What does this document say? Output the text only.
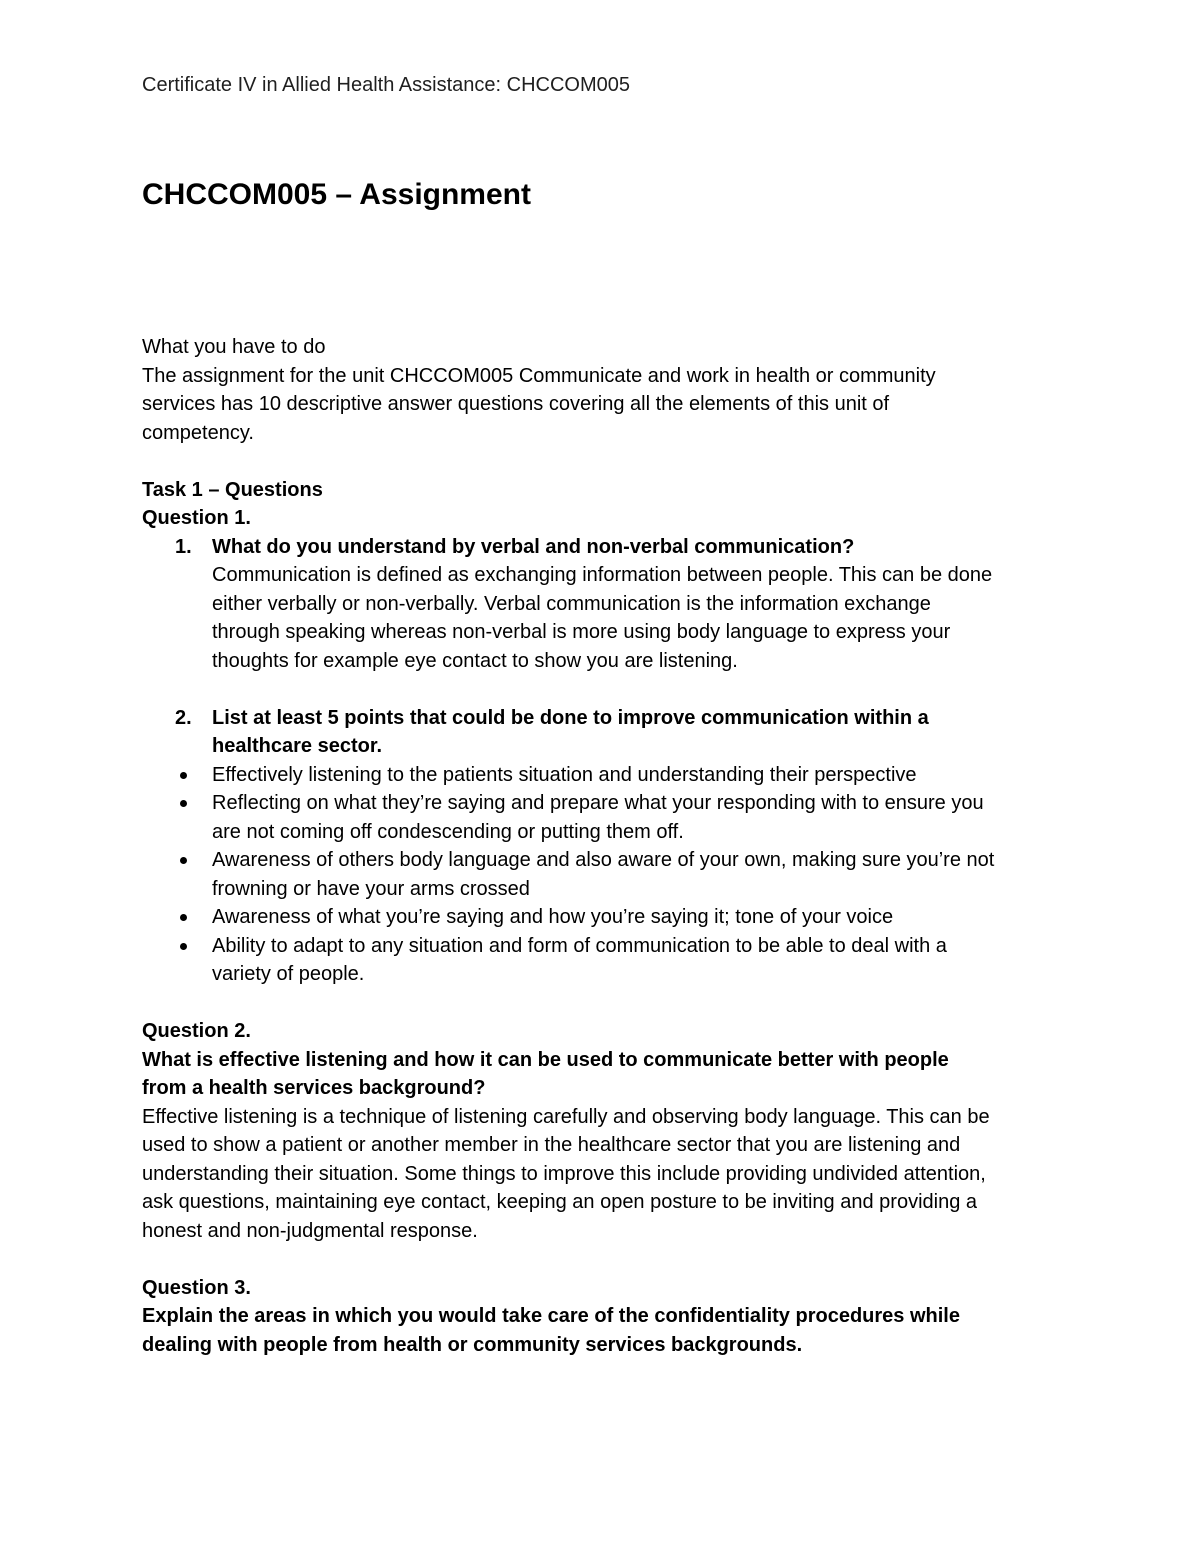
Certificate IV in Allied Health Assistance: CHCCOM005
CHCCOM005 – Assignment

What you have to do

The assignment for the unit CHCCOM005 Communicate and work in health or community

services has 10 descriptive answer questions covering all the elements of this unit of

competency.

Task 1 – Questions

Question 1.

1. What do you understand by verbal and non-verbal communication?

Communication is defined as exchanging information between people. This can be done

either verbally or non-verbally. Verbal communication is the information exchange

through speaking whereas non-verbal is more using body language to express your

thoughts for example eye contact to show you are listening.

2. List at least 5 points that could be done to improve communication within a

healthcare sector.

Effectively listening to the patients situation and understanding their perspective

Reflecting on what they’re saying and prepare what your responding with to ensure you

are not coming off condescending or putting them off.

Awareness of others body language and also aware of your own, making sure you’re not

frowning or have your arms crossed

Awareness of what you’re saying and how you’re saying it; tone of your voice

Ability to adapt to any situation and form of communication to be able to deal with a

variety of people.

Question 2.

What is effective listening and how it can be used to communicate better with people

from a health services background?

Effective listening is a technique of listening carefully and observing body language. This can be

used to show a patient or another member in the healthcare sector that you are listening and

understanding their situation. Some things to improve this include providing undivided attention,

ask questions, maintaining eye contact, keeping an open posture to be inviting and providing a

honest and non-judgmental response.

Question 3.

Explain the areas in which you would take care of the confidentiality procedures while

dealing with people from health or community services backgrounds.
